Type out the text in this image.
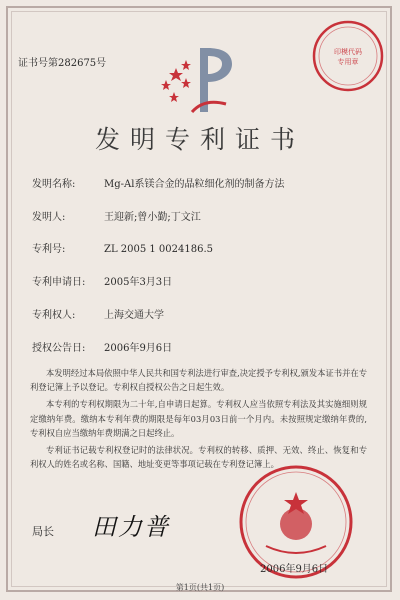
印模代码
专用章
证书号第282675号
发明专利证书
发明名称:	Mg-Al系镁合金的晶粒细化剂的制备方法
发明人:	王迎新;曾小勤;丁文江
专利号:	ZL 2005 1 0024186.5
专利申请日: 2005年3月3日
专利权人:	上海交通大学
授权公告日: 2006年9月6日

本发明经过本局依照中华人民共和国专利法进行审查,决定授予专利权,颁发本证书并在专利登记簿上予以登记。专利权自授权公告之日起生效。

本专利的专利权期限为二十年,自申请日起算。专利权人应当依照专利法及其实施细则规定缴纳年费。缴纳本专利年费的期限是每年03月03日前一个月内。未按照规定缴纳年费的,专利权自应当缴纳年费期满之日起终止。

专利证书记载专利权登记时的法律状况。专利权的转移、质押、无效、终止、恢复和专利权人的姓名或名称、国籍、地址变更等事项记载在专利登记簿上。

局长 田力普
2006年9月6日
第1页(共1页)
